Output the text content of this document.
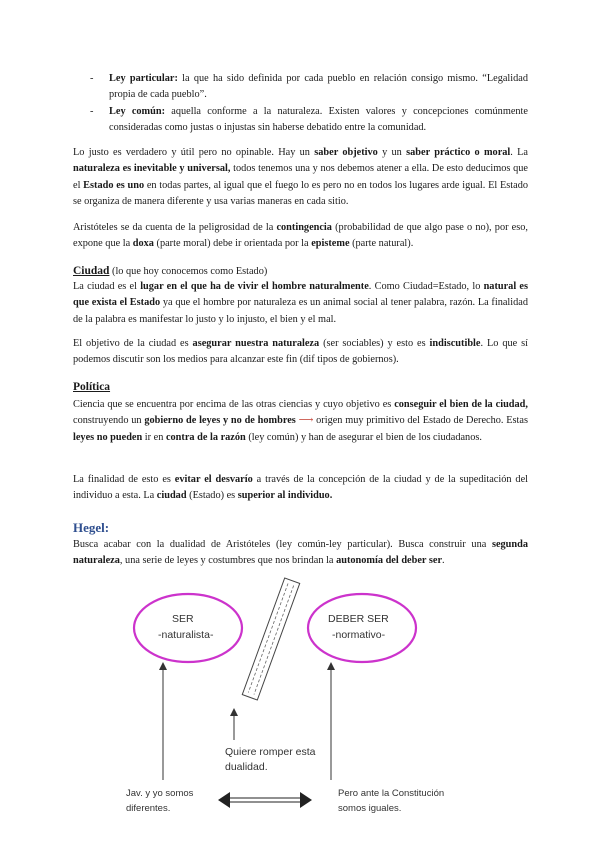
- Ley particular: la que ha sido definida por cada pueblo en relación consigo mismo. “Legalidad propia de cada pueblo”.
- Ley común: aquella conforme a la naturaleza. Existen valores y concepciones comúnmente consideradas como justas o injustas sin haberse debatido entre la comunidad.

Lo justo es verdadero y útil pero no opinable. Hay un saber objetivo y un saber práctico o moral. La naturaleza es inevitable y universal, todos tenemos una y nos debemos atener a ella. De esto deducimos que el Estado es uno en todas partes, al igual que el fuego lo es pero no en todos los lugares arde igual. El Estado se organiza de manera diferente y usa varias maneras en cada sitio.

Aristóteles se da cuenta de la peligrosidad de la contingencia (probabilidad de que algo pase o no), por eso, expone que la doxa (parte moral) debe ir orientada por la episteme (parte natural).

Ciudad (lo que hoy conocemos como Estado)

La ciudad es el lugar en el que ha de vivir el hombre naturalmente. Como Ciudad=Estado, lo natural es que exista el Estado ya que el hombre por naturaleza es un animal social al tener palabra, razón. La finalidad de la palabra es manifestar lo justo y lo injusto, el bien y el mal.

El objetivo de la ciudad es asegurar nuestra naturaleza (ser sociables) y esto es indiscutible. Lo que sí podemos discutir son los medios para alcanzar este fin (dif tipos de gobiernos).

Política

Ciencia que se encuentra por encima de las otras ciencias y cuyo objetivo es conseguir el bien de la ciudad, construyendo un gobierno de leyes y no de hombres ⟶ origen muy primitivo del Estado de Derecho. Estas leyes no pueden ir en contra de la razón (ley común) y han de asegurar el bien de los ciudadanos.

La finalidad de esto es evitar el desvarío a través de la concepción de la ciudad y de la supeditación del individuo a esta. La ciudad (Estado) es superior al individuo.

Hegel:

Busca acabar con la dualidad de Aristóteles (ley común-ley particular). Busca construir una segunda naturaleza, una serie de leyes y costumbres que nos brindan la autonomía del deber ser.

SER
-naturalista-
DEBER SER
-normativo-
Quiere romper esta
dualidad.
Jav. y yo somos
diferentes.
Pero ante la Constitución
somos iguales.
